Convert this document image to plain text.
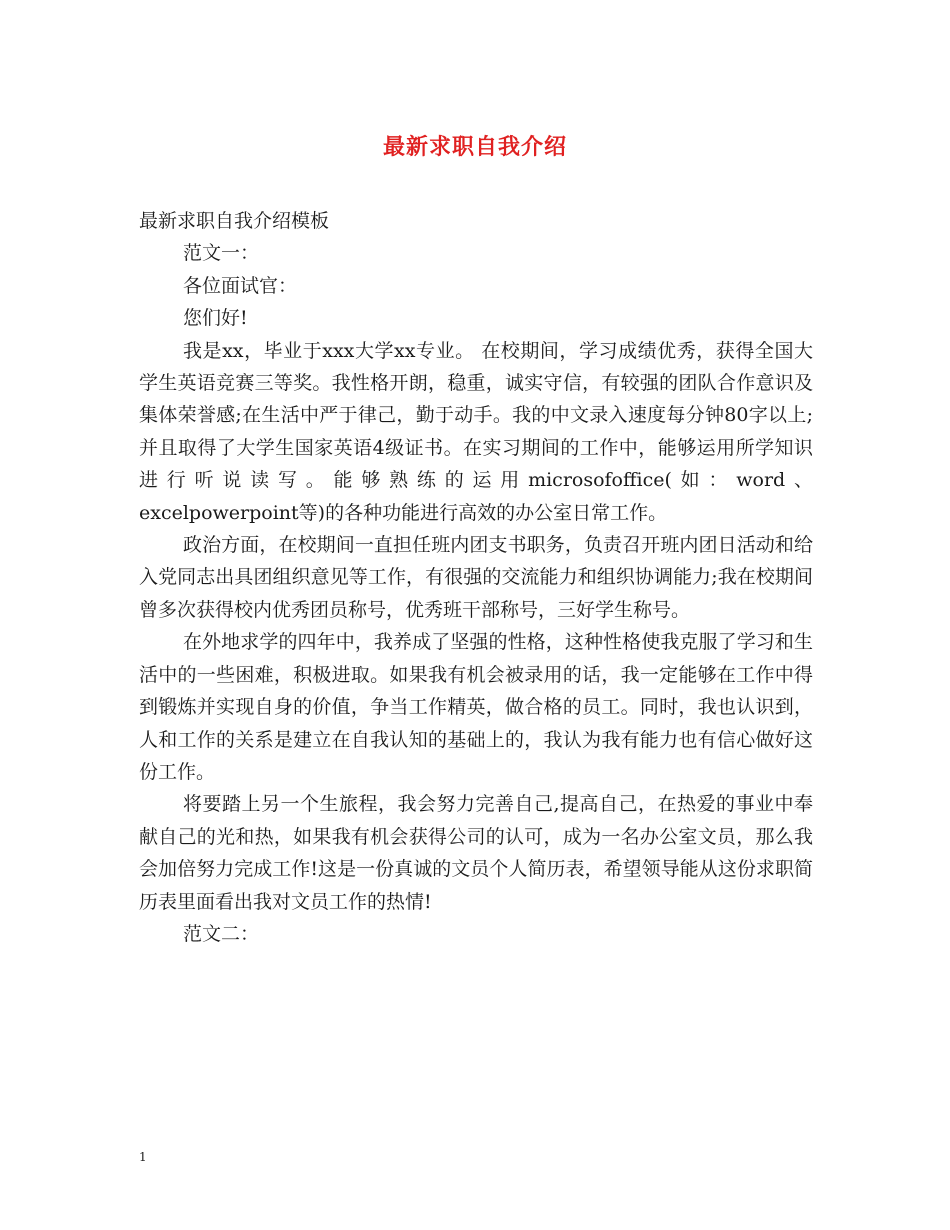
最新求职自我介绍

最新求职自我介绍模板

范文一：

各位面试官：

您们好!

我是xx，毕业于xxx大学xx专业。 在校期间，学习成绩优秀，获得全国大学生英语竞赛三等奖。我性格开朗，稳重，诚实守信，有较强的团队合作意识及集体荣誉感;在生活中严于律己，勤于动手。我的中文录入速度每分钟80字以上;并且取得了大学生国家英语4级证书。在实习期间的工作中，能够运用所学知识进行听说读写。能够熟练的运用microsofoffice(如：word、excelpowerpoint等)的各种功能进行高效的办公室日常工作。

政治方面，在校期间一直担任班内团支书职务，负责召开班内团日活动和给入党同志出具团组织意见等工作，有很强的交流能力和组织协调能力;我在校期间曾多次获得校内优秀团员称号，优秀班干部称号，三好学生称号。

在外地求学的四年中，我养成了坚强的性格，这种性格使我克服了学习和生活中的一些困难，积极进取。如果我有机会被录用的话，我一定能够在工作中得到锻炼并实现自身的价值，争当工作精英，做合格的员工。同时，我也认识到，人和工作的关系是建立在自我认知的基础上的，我认为我有能力也有信心做好这份工作。

将要踏上另一个生旅程，我会努力完善自己,提高自己，在热爱的事业中奉献自己的光和热，如果我有机会获得公司的认可，成为一名办公室文员，那么我会加倍努力完成工作!这是一份真诚的文员个人简历表，希望领导能从这份求职简历表里面看出我对文员工作的热情!

范文二：

1
